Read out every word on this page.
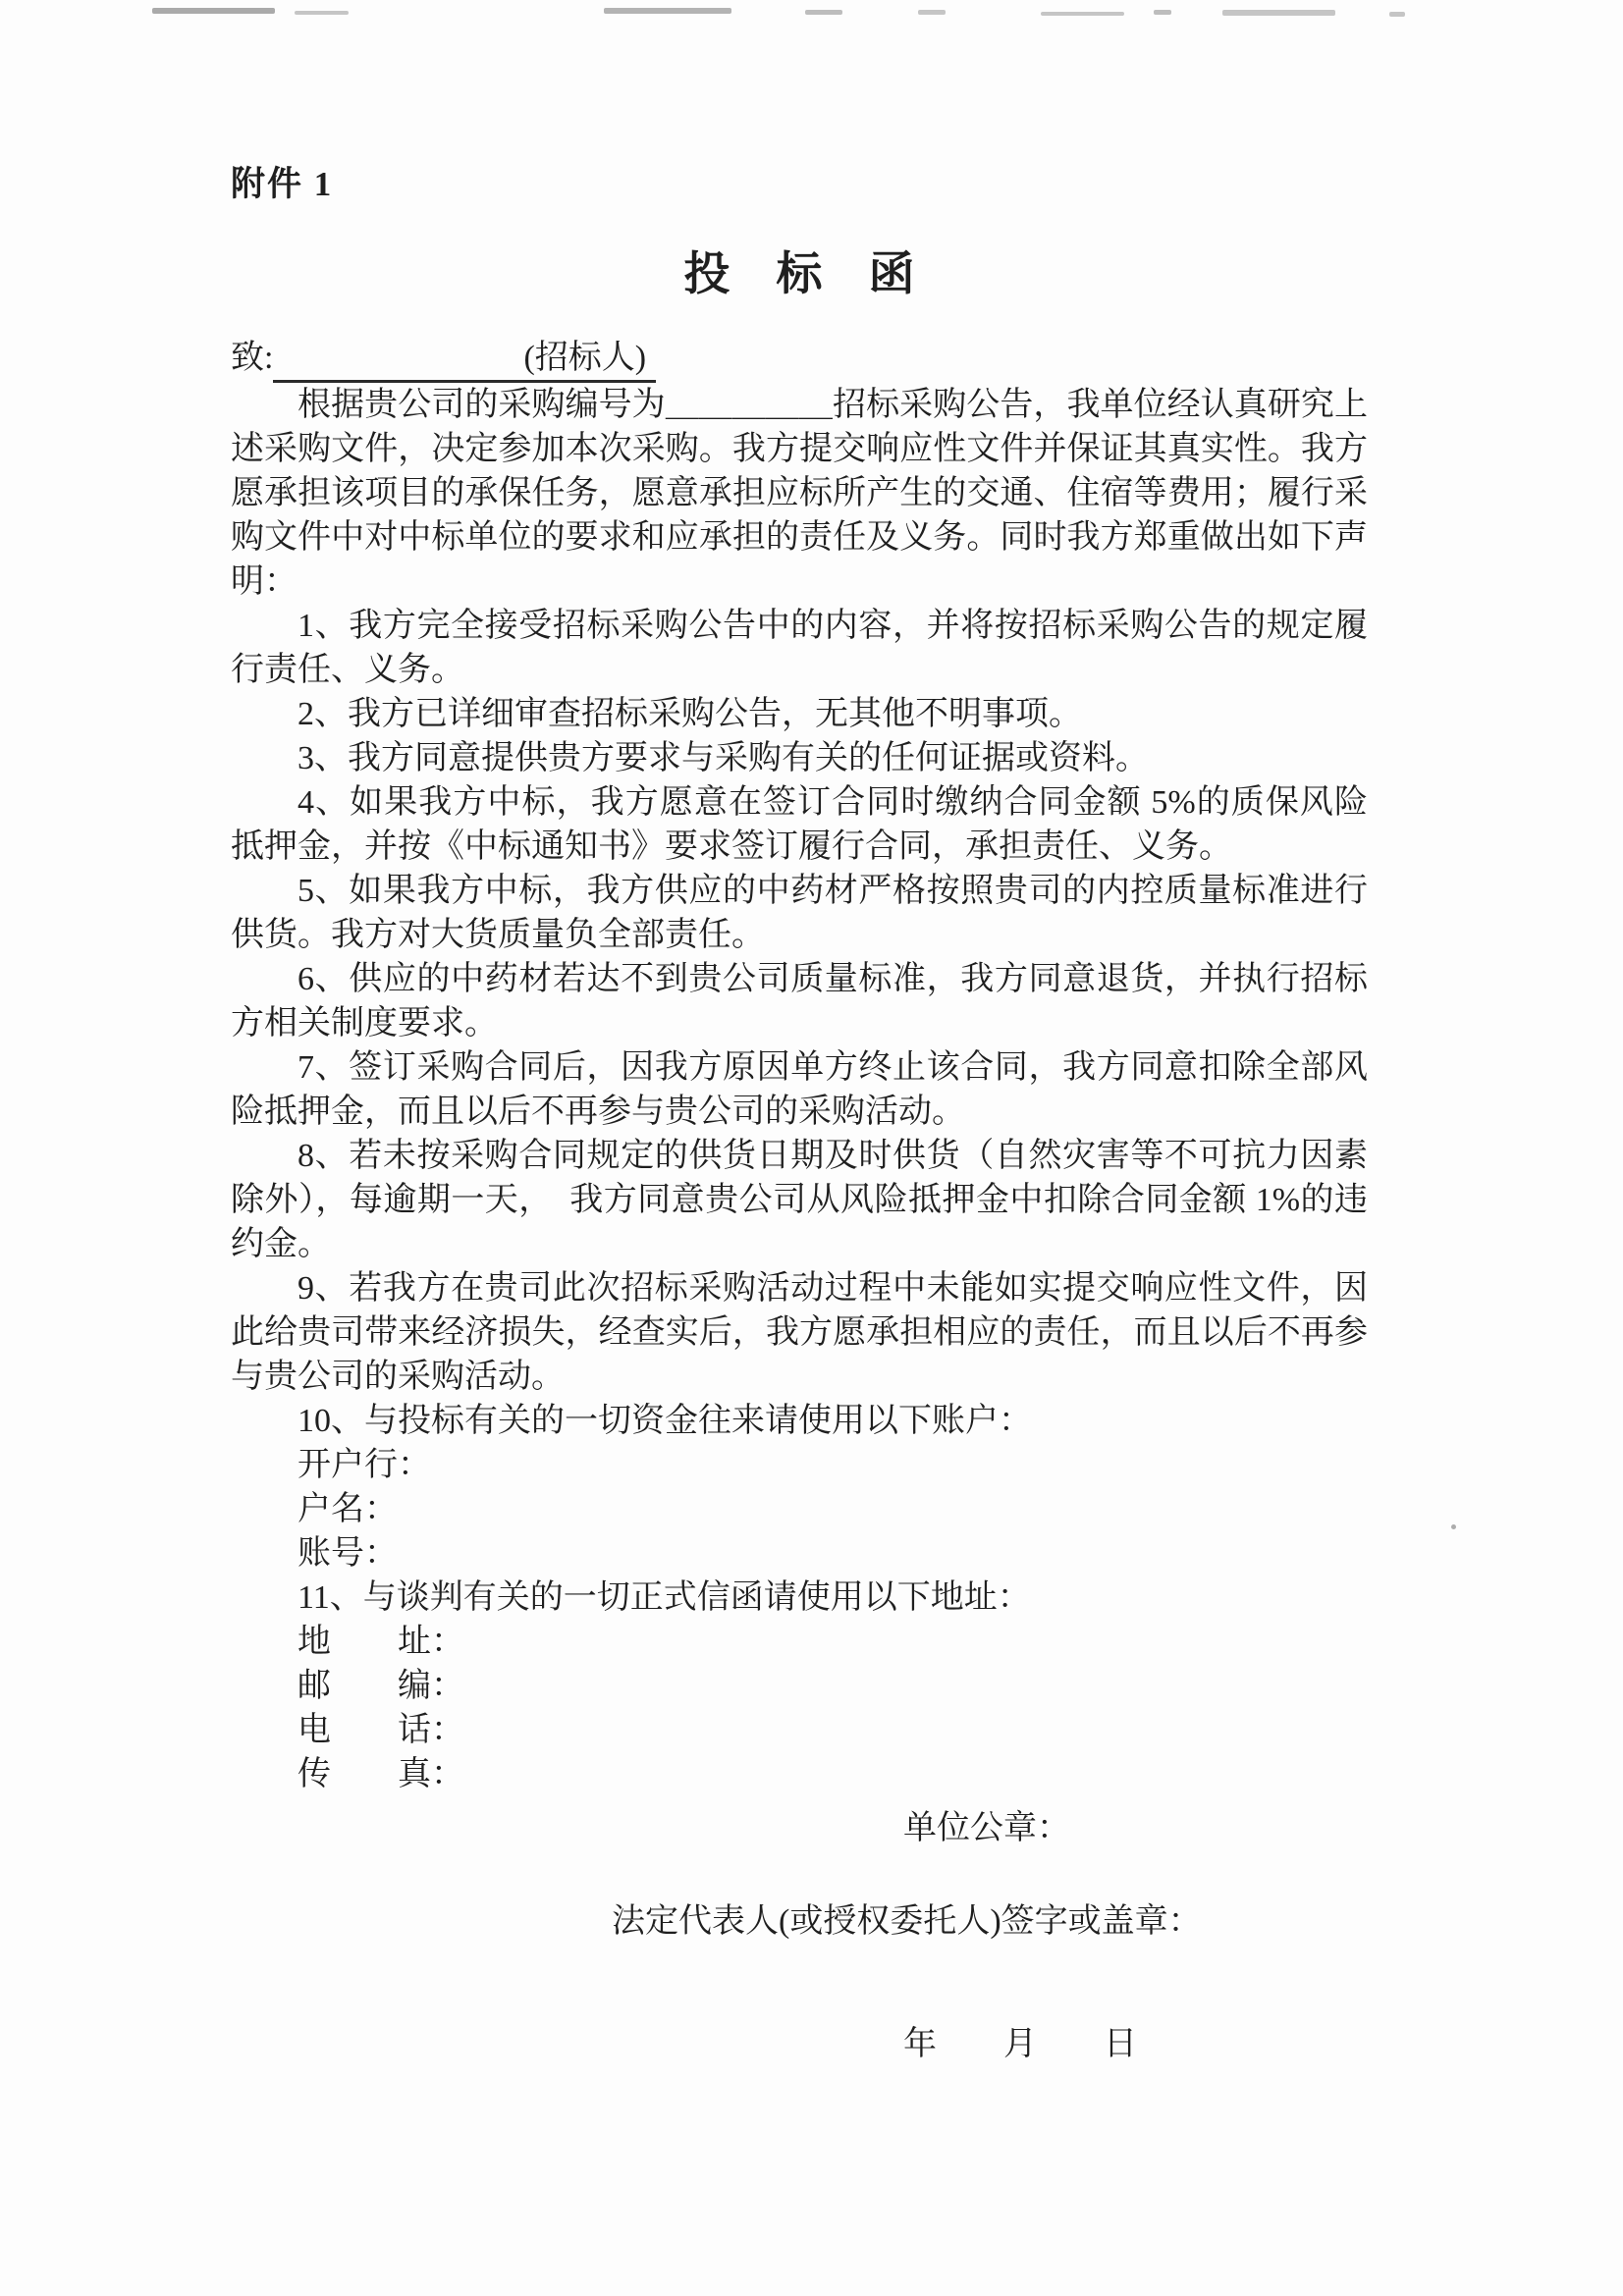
附件 1
投　标　函
致:	(招标人)

根据贵公司的采购编号为＿＿＿＿＿招标采购公告，我单位经认真研究上述采购文件，决定参加本次采购。我方提交响应性文件并保证其真实性。我方愿承担该项目的承保任务，愿意承担应标所产生的交通、住宿等费用；履行采购文件中对中标单位的要求和应承担的责任及义务。同时我方郑重做出如下声明：

1、我方完全接受招标采购公告中的内容，并将按招标采购公告的规定履行责任、义务。

2、我方已详细审查招标采购公告，无其他不明事项。

3、我方同意提供贵方要求与采购有关的任何证据或资料。

4、如果我方中标，我方愿意在签订合同时缴纳合同金额 5%的质保风险抵押金，并按《中标通知书》要求签订履行合同，承担责任、义务。

5、如果我方中标，我方供应的中药材严格按照贵司的内控质量标准进行供货。我方对大货质量负全部责任。

6、供应的中药材若达不到贵公司质量标准，我方同意退货，并执行招标方相关制度要求。

7、签订采购合同后，因我方原因单方终止该合同，我方同意扣除全部风险抵押金，而且以后不再参与贵公司的采购活动。

8、若未按采购合同规定的供货日期及时供货（自然灾害等不可抗力因素除外），每逾期一天，　我方同意贵公司从风险抵押金中扣除合同金额 1%的违约金。

9、若我方在贵司此次招标采购活动过程中未能如实提交响应性文件，因此给贵司带来经济损失，经查实后，我方愿承担相应的责任，而且以后不再参与贵公司的采购活动。

10、与投标有关的一切资金往来请使用以下账户：

开户行：
户名：
账号：

11、与谈判有关的一切正式信函请使用以下地址：

地　　址：
邮　　编：
电　　话：
传　　真：
单位公章：
法定代表人(或授权委托人)签字或盖章：
年　　月　　日
